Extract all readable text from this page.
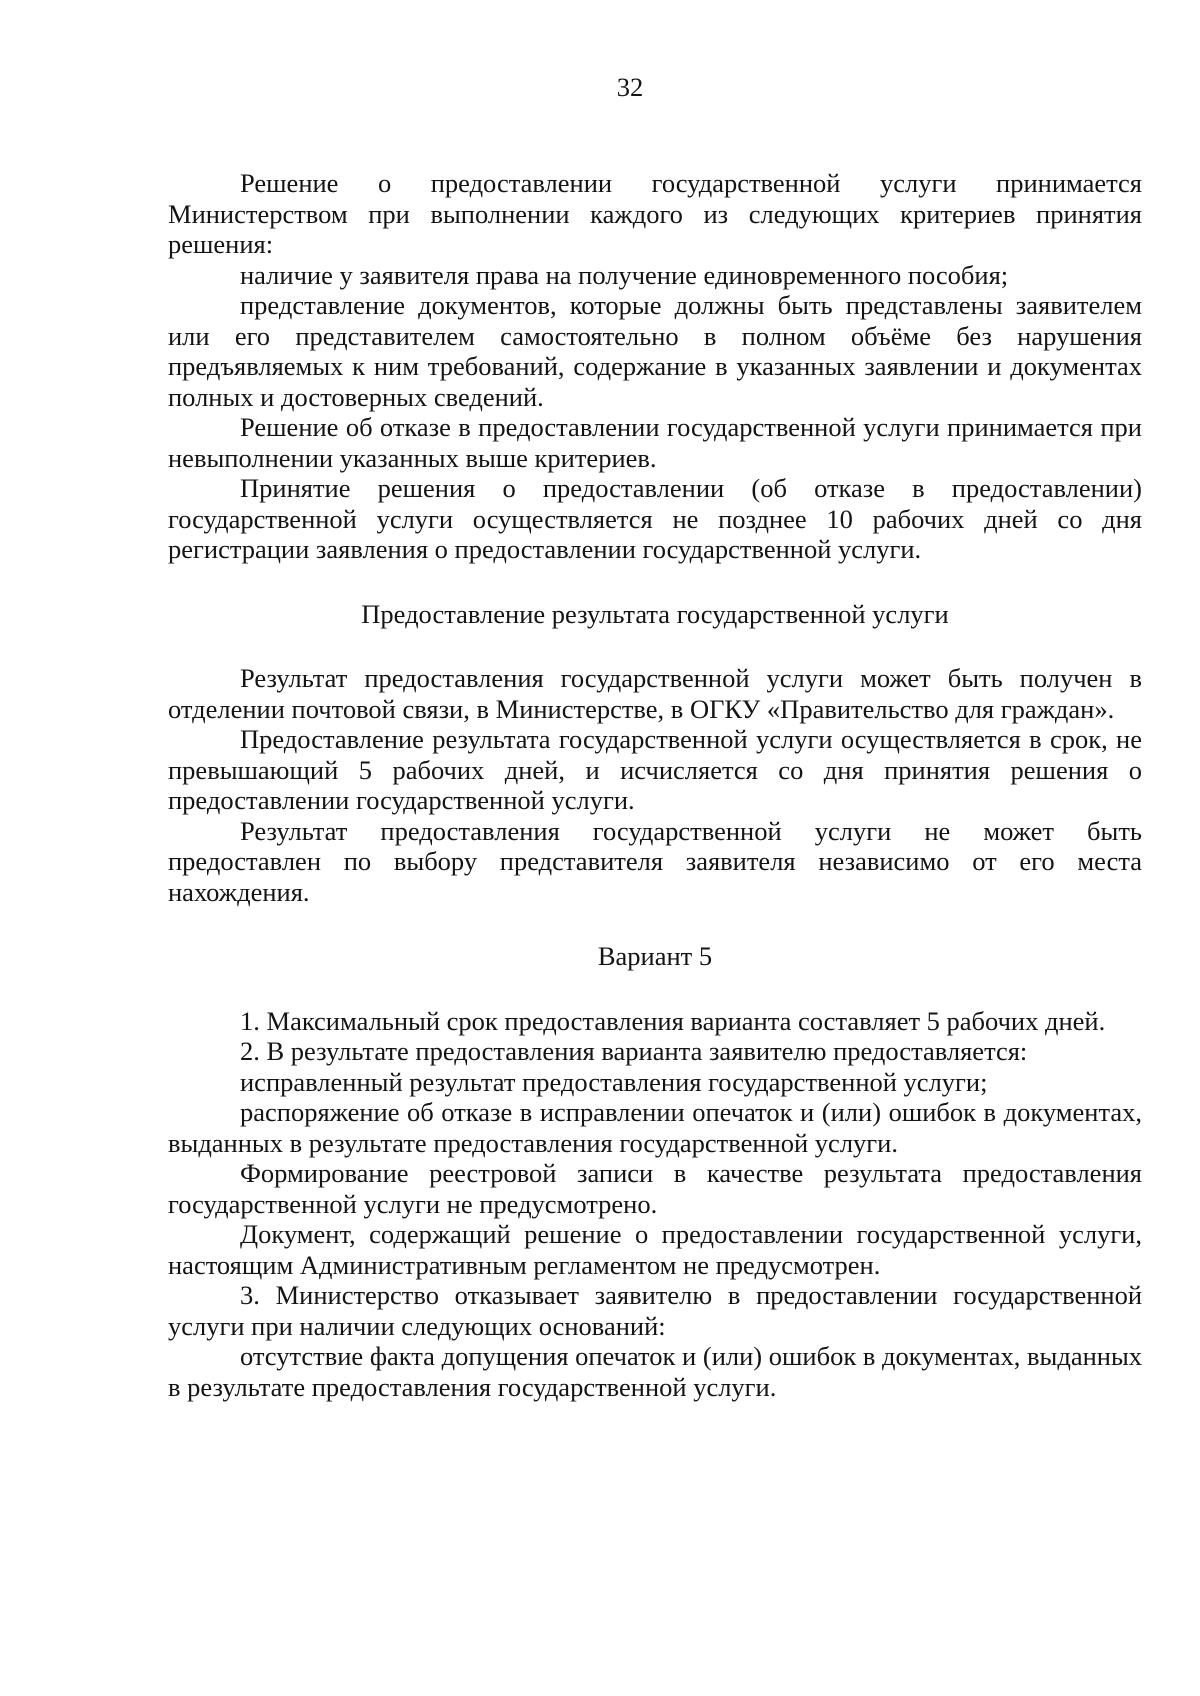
32

Решение о предоставлении государственной услуги принимается Министерством при выполнении каждого из следующих критериев принятия решения:

наличие у заявителя права на получение единовременного пособия;

представление документов, которые должны быть представлены заявителем или его представителем самостоятельно в полном объёме без нарушения предъявляемых к ним требований, содержание в указанных заявлении и документах полных и достоверных сведений.

Решение об отказе в предоставлении государственной услуги принимается при невыполнении указанных выше критериев.

Принятие решения о предоставлении (об отказе в предоставлении) государственной услуги осуществляется не позднее 10 рабочих дней со дня регистрации заявления о предоставлении государственной услуги.

Предоставление результата государственной услуги

Результат предоставления государственной услуги может быть получен в отделении почтовой связи, в Министерстве, в ОГКУ «Правительство для граждан».

Предоставление результата государственной услуги осуществляется в срок, не превышающий 5 рабочих дней, и исчисляется со дня принятия решения о предоставлении государственной услуги.

Результат предоставления государственной услуги не может быть предоставлен по выбору представителя заявителя независимо от его места нахождения.

Вариант 5

1. Максимальный срок предоставления варианта составляет 5 рабочих дней.

2. В результате предоставления варианта заявителю предоставляется:

исправленный результат предоставления государственной услуги;

распоряжение об отказе в исправлении опечаток и (или) ошибок в документах, выданных в результате предоставления государственной услуги.

Формирование реестровой записи в качестве результата предоставления государственной услуги не предусмотрено.

Документ, содержащий решение о предоставлении государственной услуги, настоящим Административным регламентом не предусмотрен.

3. Министерство отказывает заявителю в предоставлении государственной услуги при наличии следующих оснований:

отсутствие факта допущения опечаток и (или) ошибок в документах, выданных в результате предоставления государственной услуги.
